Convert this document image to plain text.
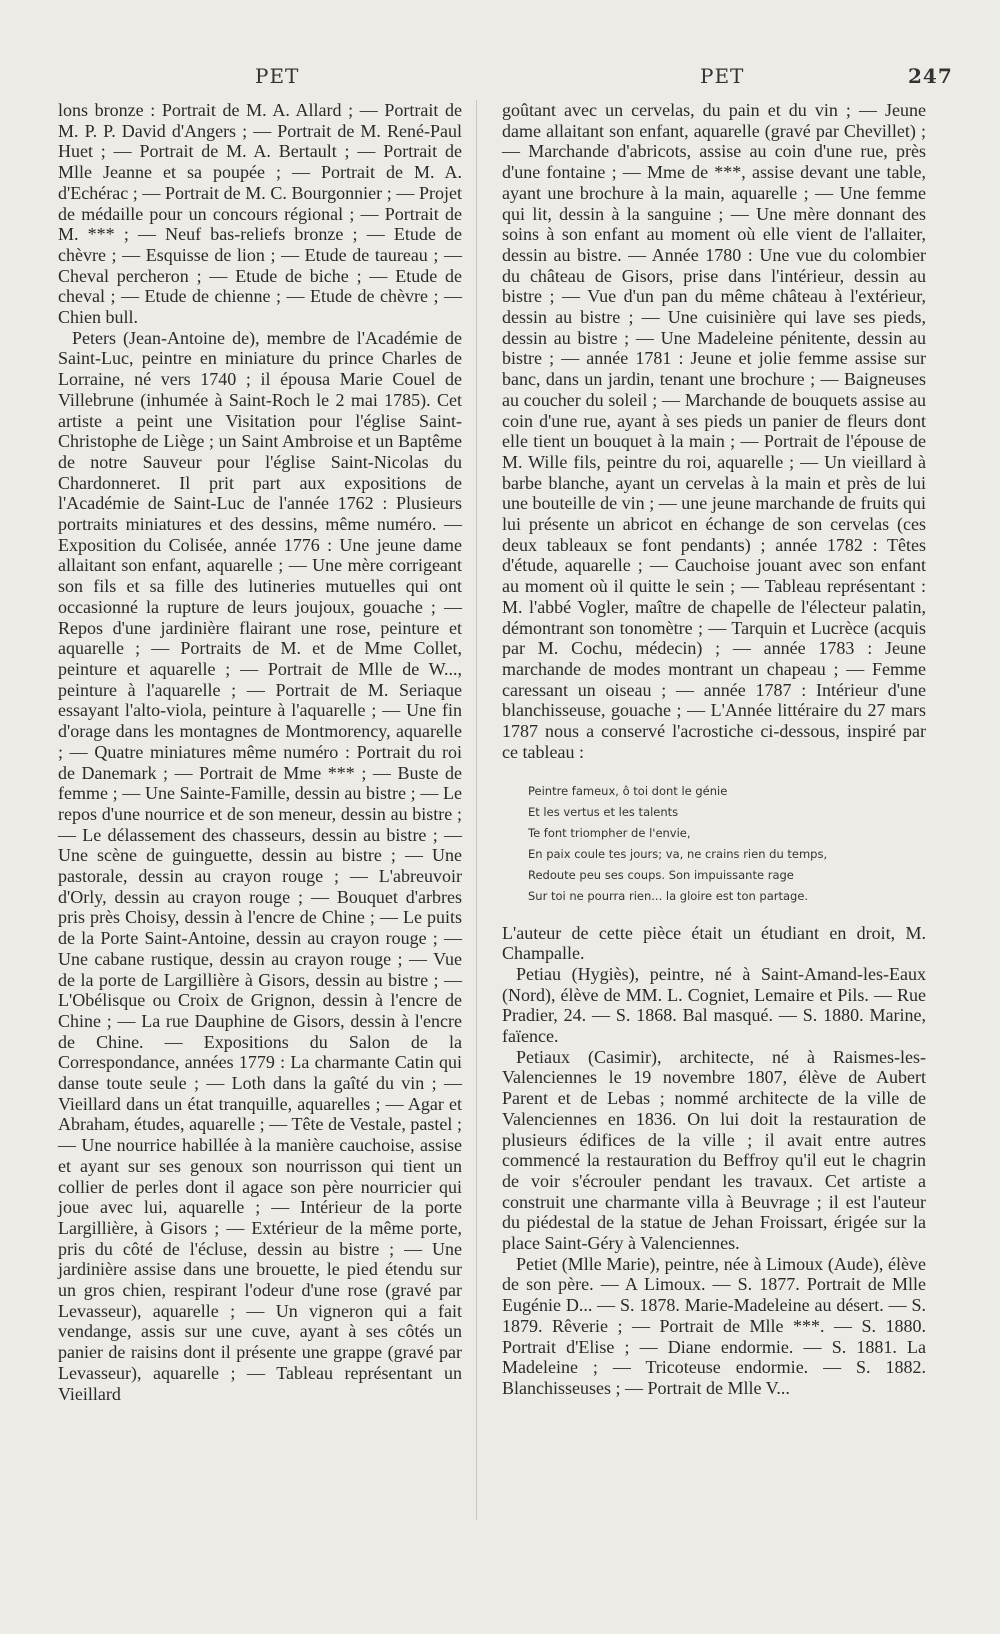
PET	PET	247

lons bronze : Portrait de M. A. Allard ; — Portrait de M. P. P. David d'Angers ; — Portrait de M. René-Paul Huet ; — Portrait de M. A. Bertault ; — Portrait de Mlle Jeanne et sa poupée ; — Portrait de M. A. d'Echérac ; — Portrait de M. C. Bourgonnier ; — Projet de médaille pour un concours régional ; — Portrait de M. *** ; — Neuf bas-reliefs bronze ; — Etude de chèvre ; — Esquisse de lion ; — Etude de taureau ; — Cheval percheron ; — Etude de biche ; — Etude de cheval ; — Etude de chienne ; — Etude de chèvre ; — Chien bull.

Peters (Jean-Antoine de), membre de l'Académie de Saint-Luc, peintre en miniature du prince Charles de Lorraine, né vers 1740 ; il épousa Marie Couel de Villebrune (inhumée à Saint-Roch le 2 mai 1785). Cet artiste a peint une Visitation pour l'église Saint-Christophe de Liège ; un Saint Ambroise et un Baptême de notre Sauveur pour l'église Saint-Nicolas du Chardonneret. Il prit part aux expositions de l'Académie de Saint-Luc de l'année 1762 : Plusieurs portraits miniatures et des dessins, même numéro. — Exposition du Colisée, année 1776 : Une jeune dame allaitant son enfant, aquarelle ; — Une mère corrigeant son fils et sa fille des lutineries mutuelles qui ont occasionné la rupture de leurs joujoux, gouache ; — Repos d'une jardinière flairant une rose, peinture et aquarelle ; — Portraits de M. et de Mme Collet, peinture et aquarelle ; — Portrait de Mlle de W..., peinture à l'aquarelle ; — Portrait de M. Seriaque essayant l'alto-viola, peinture à l'aquarelle ; — Une fin d'orage dans les montagnes de Montmorency, aquarelle ; — Quatre miniatures même numéro : Portrait du roi de Danemark ; — Portrait de Mme *** ; — Buste de femme ; — Une Sainte-Famille, dessin au bistre ; — Le repos d'une nourrice et de son meneur, dessin au bistre ; — Le délassement des chasseurs, dessin au bistre ; — Une scène de guinguette, dessin au bistre ; — Une pastorale, dessin au crayon rouge ; — L'abreuvoir d'Orly, dessin au crayon rouge ; — Bouquet d'arbres pris près Choisy, dessin à l'encre de Chine ; — Le puits de la Porte Saint-Antoine, dessin au crayon rouge ; — Une cabane rustique, dessin au crayon rouge ; — Vue de la porte de Largillière à Gisors, dessin au bistre ; — L'Obélisque ou Croix de Grignon, dessin à l'encre de Chine ; — La rue Dauphine de Gisors, dessin à l'encre de Chine. — Expositions du Salon de la Correspondance, années 1779 : La charmante Catin qui danse toute seule ; — Loth dans la gaîté du vin ; — Vieillard dans un état tranquille, aquarelles ; — Agar et Abraham, études, aquarelle ; — Tête de Vestale, pastel ; — Une nourrice habillée à la manière cauchoise, assise et ayant sur ses genoux son nourrisson qui tient un collier de perles dont il agace son père nourricier qui joue avec lui, aquarelle ; — Intérieur de la porte Largillière, à Gisors ; — Extérieur de la même porte, pris du côté de l'écluse, dessin au bistre ; — Une jardinière assise dans une brouette, le pied étendu sur un gros chien, respirant l'odeur d'une rose (gravé par Levasseur), aquarelle ; — Un vigneron qui a fait vendange, assis sur une cuve, ayant à ses côtés un panier de raisins dont il présente une grappe (gravé par Levasseur), aquarelle ; — Tableau représentant un Vieillard

goûtant avec un cervelas, du pain et du vin ; — Jeune dame allaitant son enfant, aquarelle (gravé par Chevillet) ; — Marchande d'abricots, assise au coin d'une rue, près d'une fontaine ; — Mme de ***, assise devant une table, ayant une brochure à la main, aquarelle ; — Une femme qui lit, dessin à la sanguine ; — Une mère donnant des soins à son enfant au moment où elle vient de l'allaiter, dessin au bistre. — Année 1780 : Une vue du colombier du château de Gisors, prise dans l'intérieur, dessin au bistre ; — Vue d'un pan du même château à l'extérieur, dessin au bistre ; — Une cuisinière qui lave ses pieds, dessin au bistre ; — Une Madeleine pénitente, dessin au bistre ; — année 1781 : Jeune et jolie femme assise sur banc, dans un jardin, tenant une brochure ; — Baigneuses au coucher du soleil ; — Marchande de bouquets assise au coin d'une rue, ayant à ses pieds un panier de fleurs dont elle tient un bouquet à la main ; — Portrait de l'épouse de M. Wille fils, peintre du roi, aquarelle ; — Un vieillard à barbe blanche, ayant un cervelas à la main et près de lui une bouteille de vin ; — une jeune marchande de fruits qui lui présente un abricot en échange de son cervelas (ces deux tableaux se font pendants) ; année 1782 : Têtes d'étude, aquarelle ; — Cauchoise jouant avec son enfant au moment où il quitte le sein ; — Tableau représentant : M. l'abbé Vogler, maître de chapelle de l'électeur palatin, démontrant son tonomètre ; — Tarquin et Lucrèce (acquis par M. Cochu, médecin) ; — année 1783 : Jeune marchande de modes montrant un chapeau ; — Femme caressant un oiseau ; — année 1787 : Intérieur d'une blanchisseuse, gouache ; — L'Année littéraire du 27 mars 1787 nous a conservé l'acrostiche ci-dessous, inspiré par ce tableau :

Peintre fameux, ô toi dont le génie
Et les vertus et les talents
Te font triompher de l'envie,
En paix coule tes jours; va, ne crains rien du temps,
Redoute peu ses coups. Son impuissante rage
Sur toi ne pourra rien... la gloire est ton partage.

L'auteur de cette pièce était un étudiant en droit, M. Champalle.

Petiau (Hygiès), peintre, né à Saint-Amand-les-Eaux (Nord), élève de MM. L. Cogniet, Lemaire et Pils. — Rue Pradier, 24. — S. 1868. Bal masqué. — S. 1880. Marine, faïence.

Petiaux (Casimir), architecte, né à Raismes-les-Valenciennes le 19 novembre 1807, élève de Aubert Parent et de Lebas ; nommé architecte de la ville de Valenciennes en 1836. On lui doit la restauration de plusieurs édifices de la ville ; il avait entre autres commencé la restauration du Beffroy qu'il eut le chagrin de voir s'écrouler pendant les travaux. Cet artiste a construit une charmante villa à Beuvrage ; il est l'auteur du piédestal de la statue de Jehan Froissart, érigée sur la place Saint-Géry à Valenciennes.

Petiet (Mlle Marie), peintre, née à Limoux (Aude), élève de son père. — A Limoux. — S. 1877. Portrait de Mlle Eugénie D... — S. 1878. Marie-Madeleine au désert. — S. 1879. Rêverie ; — Portrait de Mlle ***. — S. 1880. Portrait d'Elise ; — Diane endormie. — S. 1881. La Madeleine ; — Tricoteuse endormie. — S. 1882. Blanchisseuses ; — Portrait de Mlle V...
